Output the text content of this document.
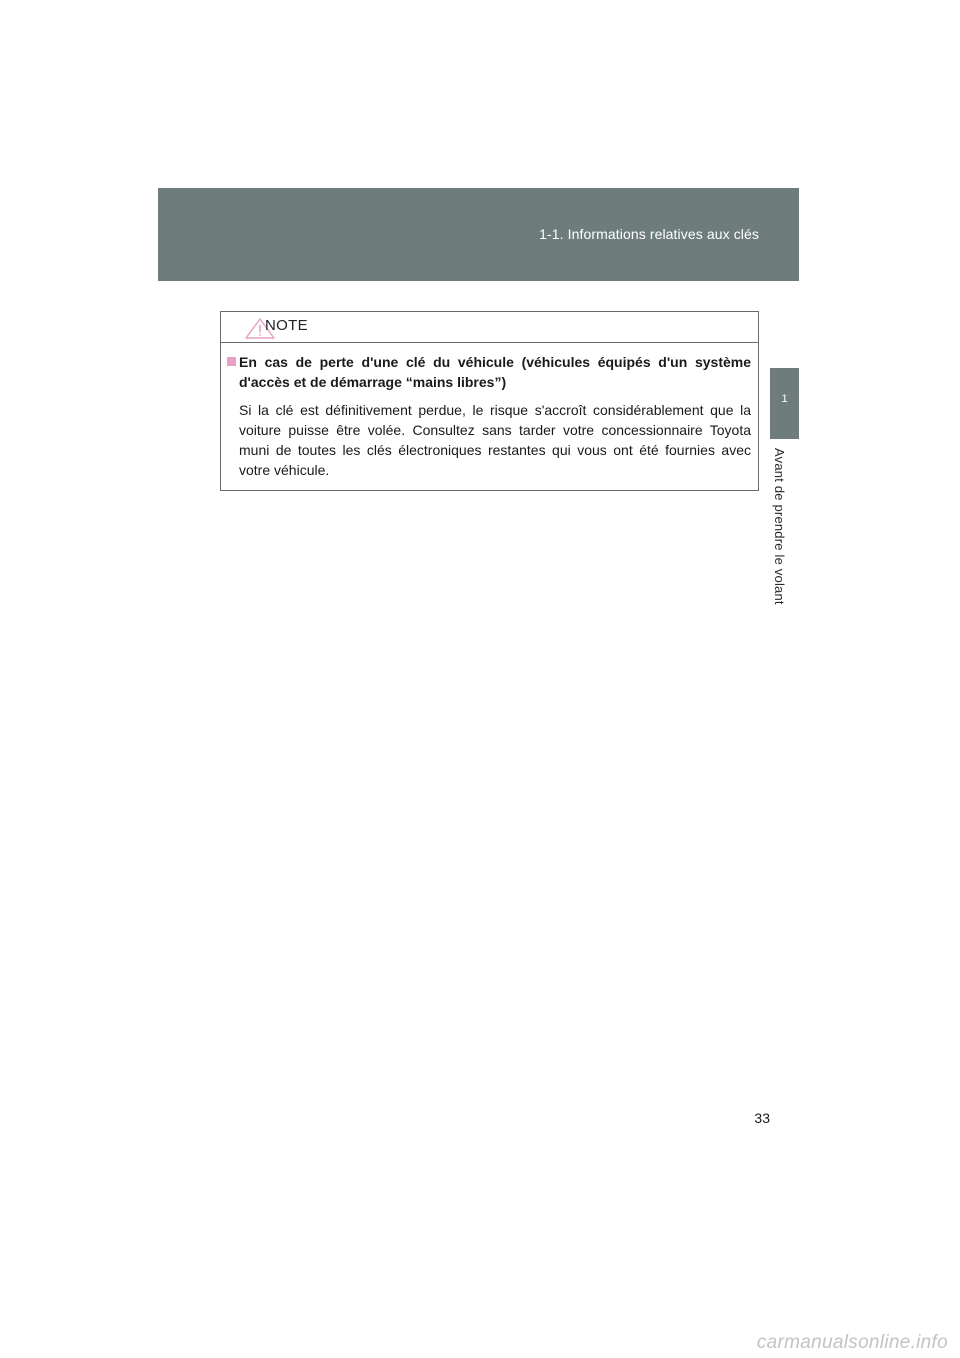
1-1. Informations relatives aux clés
1
Avant de prendre le volant
NOTE
En cas de perte d'une clé du véhicule (véhicules équipés d'un système d'accès et de démarrage “mains libres”)
Si la clé est définitivement perdue, le risque s'accroît considérablement que la voiture puisse être volée. Consultez sans tarder votre concessionnaire Toyota muni de toutes les clés électroniques restantes qui vous ont été fournies avec votre véhicule.
33
carmanualsonline.info
